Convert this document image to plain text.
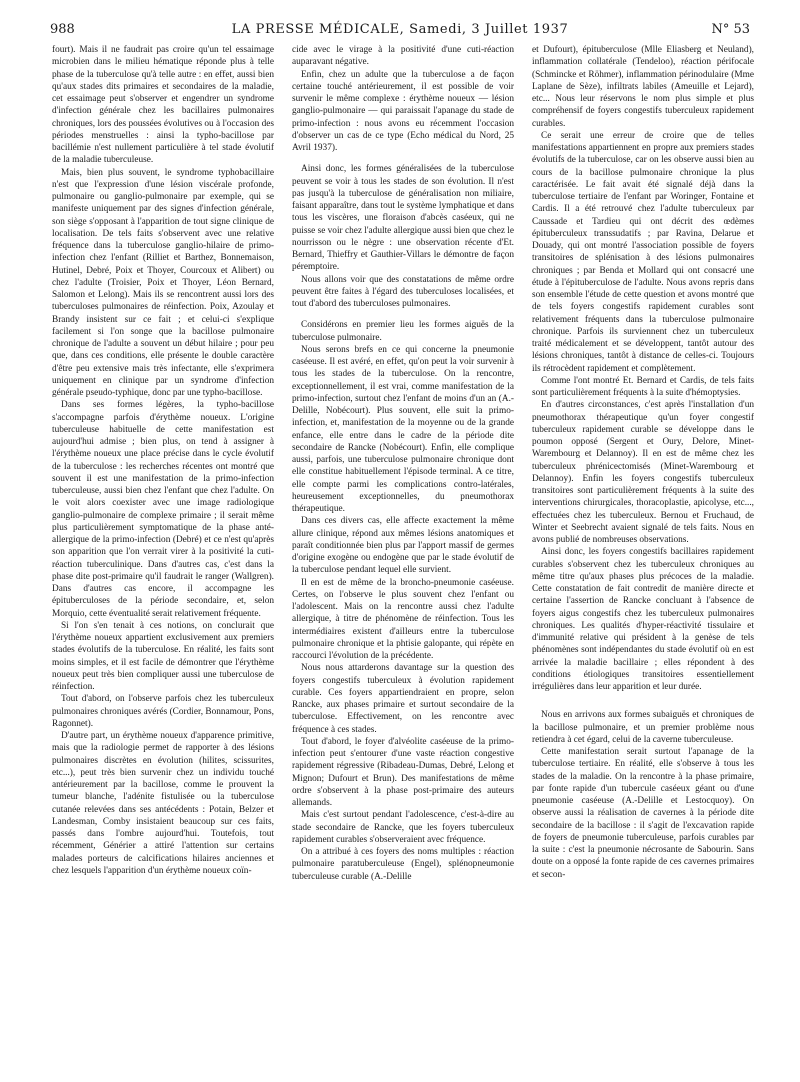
988	LA PRESSE MÉDICALE, Samedi, 3 Juillet 1937	N° 53

fourt). Mais il ne faudrait pas croire qu'un tel essaimage microbien dans le milieu hématique réponde plus à telle phase de la tuberculose qu'à telle autre : en effet, aussi bien qu'aux stades dits primaires et secondaires de la maladie, cet essaimage peut s'observer et engendrer un syndrome d'infection générale chez les bacillaires pulmonaires chroniques, lors des poussées évolutives ou à l'occasion des périodes menstruelles : ainsi la typho-bacillose par bacillémie n'est nullement particulière à tel stade évolutif de la maladie tuberculeuse.

Mais, bien plus souvent, le syndrome typhobacillaire n'est que l'expression d'une lésion viscérale profonde, pulmonaire ou ganglio-pulmonaire par exemple, qui se manifeste uniquement par des signes d'infection générale, son siège s'opposant à l'apparition de tout signe clinique de localisation. De tels faits s'observent avec une relative fréquence dans la tuberculose ganglio-hilaire de primo-infection chez l'enfant (Rilliet et Barthez, Bonnemaison, Hutinel, Debré, Poix et Thoyer, Courcoux et Alibert) ou chez l'adulte (Troisier, Poix et Thoyer, Léon Bernard, Salomon et Lelong). Mais ils se rencontrent aussi lors des tuberculoses pulmonaires de réinfection. Poix, Azoulay et Brandy insistent sur ce fait ; et celui-ci s'explique facilement si l'on songe que la bacillose pulmonaire chronique de l'adulte a souvent un début hilaire ; pour peu que, dans ces conditions, elle présente le double caractère d'être peu extensive mais très infectante, elle s'exprimera uniquement en clinique par un syndrome d'infection générale pseudo-typhique, donc par une typho-bacillose.

Dans ses formes légères, la typho-bacillose s'accompagne parfois d'érythème noueux. L'origine tuberculeuse habituelle de cette manifestation est aujourd'hui admise ; bien plus, on tend à assigner à l'érythème noueux une place précise dans le cycle évolutif de la tuberculose : les recherches récentes ont montré que souvent il est une manifestation de la primo-infection tuberculeuse, aussi bien chez l'enfant que chez l'adulte. On le voit alors coexister avec une image radiologique ganglio-pulmonaire de complexe primaire ; il serait même plus particulièrement symptomatique de la phase anté-allergique de la primo-infection (Debré) et ce n'est qu'après son apparition que l'on verrait virer à la positivité la cuti-réaction tuberculinique. Dans d'autres cas, c'est dans la phase dite post-primaire qu'il faudrait le ranger (Wallgren). Dans d'autres cas encore, il accompagne les épituberculoses de la période secondaire, et, selon Morquio, cette éventualité serait relativement fréquente.

Si l'on s'en tenait à ces notions, on conclurait que l'érythème noueux appartient exclusivement aux premiers stades évolutifs de la tuberculose. En réalité, les faits sont moins simples, et il est facile de démontrer que l'érythème noueux peut très bien compliquer aussi une tuberculose de réinfection.

Tout d'abord, on l'observe parfois chez les tuberculeux pulmonaires chroniques avérés (Cordier, Bonnamour, Pons, Ragonnet).

D'autre part, un érythème noueux d'apparence primitive, mais que la radiologie permet de rapporter à des lésions pulmonaires discrètes en évolution (hilites, scissurites, etc...), peut très bien survenir chez un individu touché antérieurement par la bacillose, comme le prouvent la tumeur blanche, l'adénite fistulisée ou la tuberculose cutanée relevées dans ses antécédents : Potain, Belzer et Landesman, Comby insistaient beaucoup sur ces faits, passés dans l'ombre aujourd'hui. Toutefois, tout récemment, Générier a attiré l'attention sur certains malades porteurs de calcifications hilaires anciennes et chez lesquels l'apparition d'un érythème noueux coïn-

cide avec le virage à la positivité d'une cuti-réaction auparavant négative.

Enfin, chez un adulte que la tuberculose a de façon certaine touché antérieurement, il est possible de voir survenir le même complexe : érythème noueux — lésion ganglio-pulmonaire — qui paraissait l'apanage du stade de primo-infection : nous avons eu récemment l'occasion d'observer un cas de ce type (Echo médical du Nord, 25 Avril 1937).

Ainsi donc, les formes généralisées de la tuberculose peuvent se voir à tous les stades de son évolution. Il n'est pas jusqu'à la tuberculose de généralisation non miliaire, faisant apparaître, dans tout le système lymphatique et dans tous les viscères, une floraison d'abcès caséeux, qui ne puisse se voir chez l'adulte allergique aussi bien que chez le nourrisson ou le nègre : une observation récente d'Et. Bernard, Thieffry et Gauthier-Villars le démontre de façon péremptoire.

Nous allons voir que des constatations de même ordre peuvent être faites à l'égard des tuberculoses localisées, et tout d'abord des tuberculoses pulmonaires.

Considérons en premier lieu les formes aiguës de la tuberculose pulmonaire.

Nous serons brefs en ce qui concerne la pneumonie caséeuse. Il est avéré, en effet, qu'on peut la voir survenir à tous les stades de la tuberculose. On la rencontre, exceptionnellement, il est vrai, comme manifestation de la primo-infection, surtout chez l'enfant de moins d'un an (A.-Delille, Nobécourt). Plus souvent, elle suit la primo-infection, et, manifestation de la moyenne ou de la grande enfance, elle entre dans le cadre de la période dite secondaire de Rancke (Nobécourt). Enfin, elle complique aussi, parfois, une tuberculose pulmonaire chronique dont elle constitue habituellement l'épisode terminal. A ce titre, elle compte parmi les complications contro-latérales, heureusement exceptionnelles, du pneumothorax thérapeutique.

Dans ces divers cas, elle affecte exactement la même allure clinique, répond aux mêmes lésions anatomiques et paraît conditionnée bien plus par l'apport massif de germes d'origine exogène ou endogène que par le stade évolutif de la tuberculose pendant lequel elle survient.

Il en est de même de la broncho-pneumonie caséeuse. Certes, on l'observe le plus souvent chez l'enfant ou l'adolescent. Mais on la rencontre aussi chez l'adulte allergique, à titre de phénomène de réinfection. Tous les intermédiaires existent d'ailleurs entre la tuberculose pulmonaire chronique et la phtisie galopante, qui répète en raccourci l'évolution de la précédente.

Nous nous attarderons davantage sur la question des foyers congestifs tuberculeux à évolution rapidement curable. Ces foyers appartiendraient en propre, selon Rancke, aux phases primaire et surtout secondaire de la tuberculose. Effectivement, on les rencontre avec fréquence à ces stades.

Tout d'abord, le foyer d'alvéolite caséeuse de la primo-infection peut s'entourer d'une vaste réaction congestive rapidement régressive (Ribadeau-Dumas, Debré, Lelong et Mignon; Dufourt et Brun). Des manifestations de même ordre s'observent à la phase post-primaire des auteurs allemands.

Mais c'est surtout pendant l'adolescence, c'est-à-dire au stade secondaire de Rancke, que les foyers tuberculeux rapidement curables s'observeraient avec fréquence.

On a attribué à ces foyers des noms multiples : réaction pulmonaire paratuberculeuse (Engel), splénopneumonie tuberculeuse curable (A.-Delille

et Dufourt), épituberculose (Mlle Eliasberg et Neuland), inflammation collatérale (Tendeloo), réaction périfocale (Schmincke et Röhmer), inflammation périnodulaire (Mme Laplane de Sèze), infiltrats labiles (Ameuille et Lejard), etc... Nous leur réservons le nom plus simple et plus compréhensif de foyers congestifs tuberculeux rapidement curables.

Ce serait une erreur de croire que de telles manifestations appartiennent en propre aux premiers stades évolutifs de la tuberculose, car on les observe aussi bien au cours de la bacillose pulmonaire chronique la plus caractérisée. Le fait avait été signalé déjà dans la tuberculose tertiaire de l'enfant par Woringer, Fontaine et Cardis. Il a été retrouvé chez l'adulte tuberculeux par Caussade et Tardieu qui ont décrit des œdèmes épituberculeux transsudatifs ; par Ravina, Delarue et Douady, qui ont montré l'association possible de foyers transitoires de splénisation à des lésions pulmonaires chroniques ; par Benda et Mollard qui ont consacré une étude à l'épituberculose de l'adulte. Nous avons repris dans son ensemble l'étude de cette question et avons montré que de tels foyers congestifs rapidement curables sont relativement fréquents dans la tuberculose pulmonaire chronique. Parfois ils surviennent chez un tuberculeux traité médicalement et se développent, tantôt autour des lésions chroniques, tantôt à distance de celles-ci. Toujours ils rétrocèdent rapidement et complètement.

Comme l'ont montré Et. Bernard et Cardis, de tels faits sont particulièrement fréquents à la suite d'hémoptysies.

En d'autres circonstances, c'est après l'installation d'un pneumothorax thérapeutique qu'un foyer congestif tuberculeux rapidement curable se développe dans le poumon opposé (Sergent et Oury, Delore, Minet-Warembourg et Delannoy). Il en est de même chez les tuberculeux phrénicectomisés (Minet-Warembourg et Delannoy). Enfin les foyers congestifs tuberculeux transitoires sont particulièrement fréquents à la suite des interventions chirurgicales, thoracoplastie, apicolyse, etc..., effectuées chez les tuberculeux. Bernou et Fruchaud, de Winter et Seebrecht avaient signalé de tels faits. Nous en avons publié de nombreuses observations.

Ainsi donc, les foyers congestifs bacillaires rapidement curables s'observent chez les tuberculeux chroniques au même titre qu'aux phases plus précoces de la maladie. Cette constatation de fait contredit de manière directe et certaine l'assertion de Rancke concluant à l'absence de foyers aigus congestifs chez les tuberculeux pulmonaires chroniques. Les qualités d'hyper-réactivité tissulaire et d'immunité relative qui président à la genèse de tels phénomènes sont indépendantes du stade évolutif où en est arrivée la maladie bacillaire ; elles répondent à des conditions étiologiques transitoires essentiellement irrégulières dans leur apparition et leur durée.

Nous en arrivons aux formes subaiguës et chroniques de la bacillose pulmonaire, et un premier problème nous retiendra à cet égard, celui de la caverne tuberculeuse.

Cette manifestation serait surtout l'apanage de la tuberculose tertiaire. En réalité, elle s'observe à tous les stades de la maladie. On la rencontre à la phase primaire, par fonte rapide d'un tubercule caséeux géant ou d'une pneumonie caséeuse (A.-Delille et Lestocquoy). On observe aussi la réalisation de cavernes à la période dite secondaire de la bacillose : il s'agit de l'excavation rapide de foyers de pneumonie tuberculeuse, parfois curables par la suite : c'est la pneumonie nécrosante de Sabourin. Sans doute on a opposé la fonte rapide de ces cavernes primaires et secon-
